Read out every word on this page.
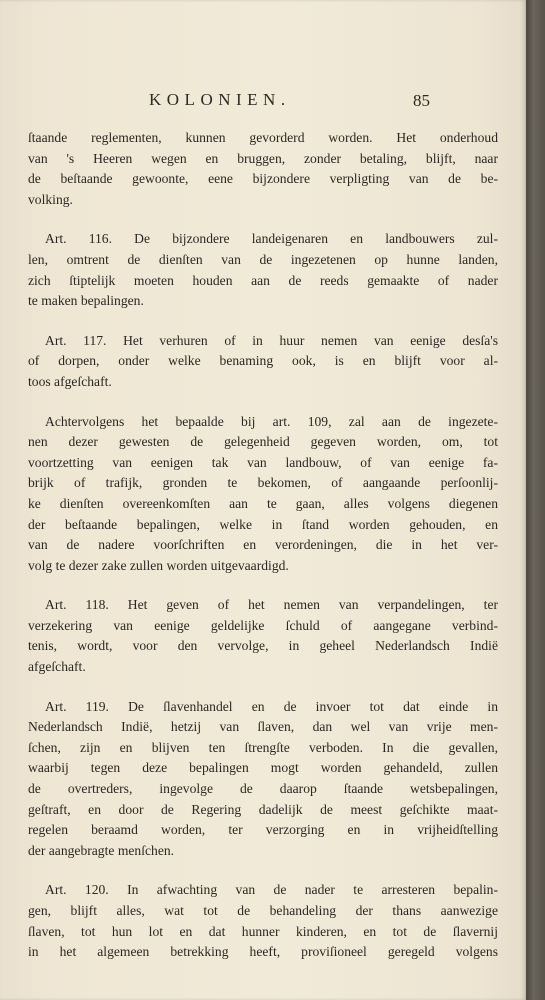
KOLONIEN.	85
ſtaande reglementen, kunnen gevorderd worden. Het onderhoud
van 's Heeren wegen en bruggen, zonder betaling, blijft, naar
de beſtaande gewoonte, eene bijzondere verpligting van de be-
volking.
Art. 116. De bijzondere landeigenaren en landbouwers zul-
len, omtrent de dienſten van de ingezetenen op hunne landen,
zich ſtiptelijk moeten houden aan de reeds gemaakte of nader
te maken bepalingen.
Art. 117. Het verhuren of in huur nemen van eenige desſa's
of dorpen, onder welke benaming ook, is en blijft voor al-
toos afgeſchaft.
Achtervolgens het bepaalde bij art. 109, zal aan de ingezete-
nen dezer gewesten de gelegenheid gegeven worden, om, tot
voortzetting van eenigen tak van landbouw, of van eenige fa-
brijk of trafijk, gronden te bekomen, of aangaande perſoonlij-
ke dienſten overeenkomſten aan te gaan, alles volgens diegenen
der beſtaande bepalingen, welke in ſtand worden gehouden, en
van de nadere voorſchriften en verordeningen, die in het ver-
volg te dezer zake zullen worden uitgevaardigd.
Art. 118. Het geven of het nemen van verpandelingen, ter
verzekering van eenige geldelijke ſchuld of aangegane verbind-
tenis, wordt, voor den vervolge, in geheel Nederlandsch Indië
afgeſchaft.
Art. 119. De ſlavenhandel en de invoer tot dat einde in
Nederlandsch Indië, hetzij van ſlaven, dan wel van vrije men-
ſchen, zijn en blijven ten ſtrengſte verboden. In die gevallen,
waarbij tegen deze bepalingen mogt worden gehandeld, zullen
de overtreders, ingevolge de daarop ſtaande wetsbepalingen,
geſtraft, en door de Regering dadelijk de meest geſchikte maat-
regelen beraamd worden, ter verzorging en in vrijheidſtelling
der aangebragte menſchen.
Art. 120. In afwachting van de nader te arresteren bepalin-
gen, blijft alles, wat tot de behandeling der thans aanwezige
ſlaven, tot hun lot en dat hunner kinderen, en tot de ſlavernij
in het algemeen betrekking heeft, proviſioneel geregeld volgens
